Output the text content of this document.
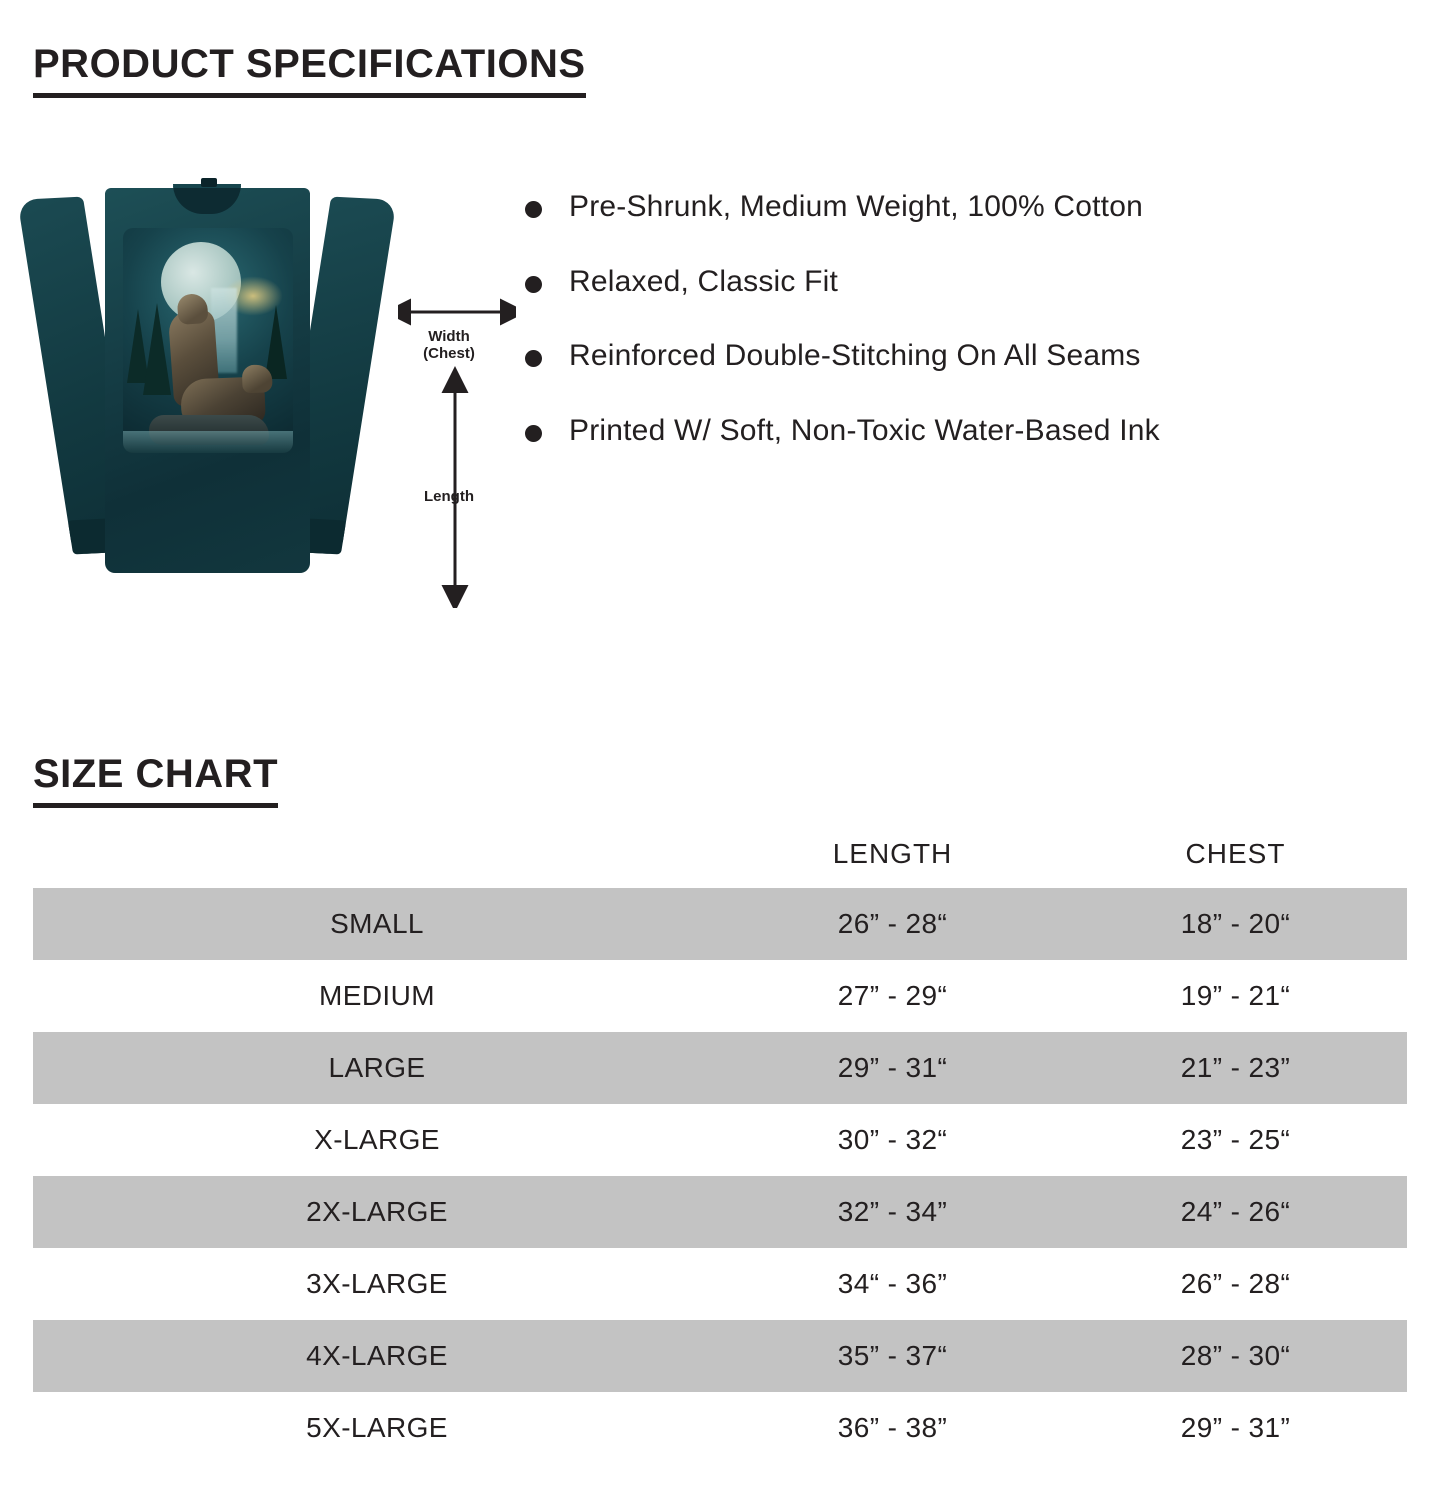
PRODUCT SPECIFICATIONS
Width
(Chest)
Length
Pre-Shrunk, Medium Weight, 100% Cotton
Relaxed, Classic Fit
Reinforced Double-Stitching On All Seams
Printed W/ Soft, Non-Toxic Water-Based Ink
SIZE CHART
	LENGTH	CHEST
SMALL	26” - 28“	18” - 20“
MEDIUM	27” - 29“	19” - 21“
LARGE	29” - 31“	21” - 23”
X-LARGE	30” - 32“	23” - 25“
2X-LARGE	32” - 34”	24” - 26“
3X-LARGE	34“ - 36”	26” - 28“
4X-LARGE	35” - 37“	28” - 30“
5X-LARGE	36” - 38”	29” - 31”
